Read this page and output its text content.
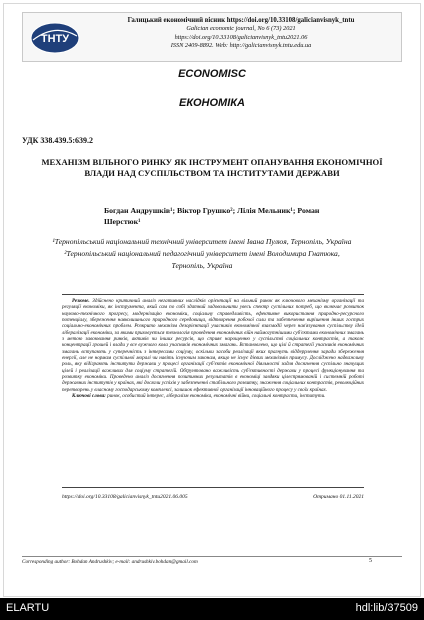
ТНТУ
Галицький економічний вісник https://doi.org/10.33108/galicianvisnyk_tntu
Galician economic journal, No 6 (73) 2021
https://doi.org/10.33108/galicianvisnyk_tntu2021.06
ISSN 2409-8892. Web: http://galicianvisnyk.tntu.edu.ua
ECONOMISC
ЕКОНОМІКА
УДК 338.439.5:639.2
МЕХАНІЗМ ВІЛЬНОГО РИНКУ ЯК ІНСТРУМЕНТ ОПАНУВАННЯ ЕКОНОМІЧНОЇ ВЛАДИ НАД СУСПІЛЬСТВОМ ТА ІНСТИТУТАМИ ДЕРЖАВИ
Богдан Андрушків¹; Віктор Грушко²; Лілія Мельник¹; Роман Шерстюк¹

¹Тернопільський національний технічний університет імені Івана Пулюя, Тернопіль, Україна

²Тернопільський національний педагогічний університет імені Володимира Гнатюка, Тернопіль, Україна

Резюме. Здійснено критичний аналіз негативних наслідків орієнтації на вільний ринок як ключового механізму організації та регуляції економіки, як інструмента, який сам по собі здатний задовольнити увесь спектр суспільних потреб, що включає розвиток науково-технічного прогресу, модернізацію економіки, соціальну справедливість, ефективне використання природно-ресурсного потенціалу, збереження навколишнього природного середовища, відтворення робочої сили та забезпечення вирішення інших гострих соціально-економічних проблем. Розкрито механізм дезорієнтації учасників економічної взаємодії через нав'язування суспільству ідей лібералізації економіки, за якими приховується технологія проведення економічних війн наймогутнішими суб'єктами економічних змагань з метою завоювання ринків, активів чи інших ресурсів, що сприяє нарощенню у суспільстві соціальних контрастів, а також концентрації грошей і влади у все вужчого кола учасників економічних змагань. Встановлено, що цілі й стратегії учасників економічних змагань вступають у суперечність з інтересами соціуму, оскільки засоби реалізації яких прагнуть віддеррлення заради збереження енергії, але не нормам суспільної моралі чи навіть існуючим законам, якщо не існує дієвих механізмів примусу. Досліджено надважливу роль, яку відіграють інститути держави у процесі організації суб'єктів економічної діяльності задля досягнення суспільно значущих цілей і реалізації важливих для соціуму стратегій. Обґрунтовано важливість суб'єктивності держави у процесі функціонування та розвитку економіки. Проведено аналіз досягнення позитивних результатів в економіці завдяки цілеспрямованій і системній роботі державних інститутів у країнах, які досягли успіхів у забезпеченні стабільного розвитку, знаження соціальних контрастів, революційних перетворень у власному господарському комплексі, залишок ефективної організації інноваційного процесу у своїх країнах.

Ключові слова: ринок, особистий інтерес, лібералізм економіка, економічні війни, соціальні контрасти, інститути.

https://doi.org/10.33108/galicianvisnyk_tntu2021.06.005	Отримано 01.11.2021
Corresponding author: Bohdan Andrushkiv; e-mail: andrushkiv.bohdan@gmail.com	5
ELARTU	hdl:lib/37509
